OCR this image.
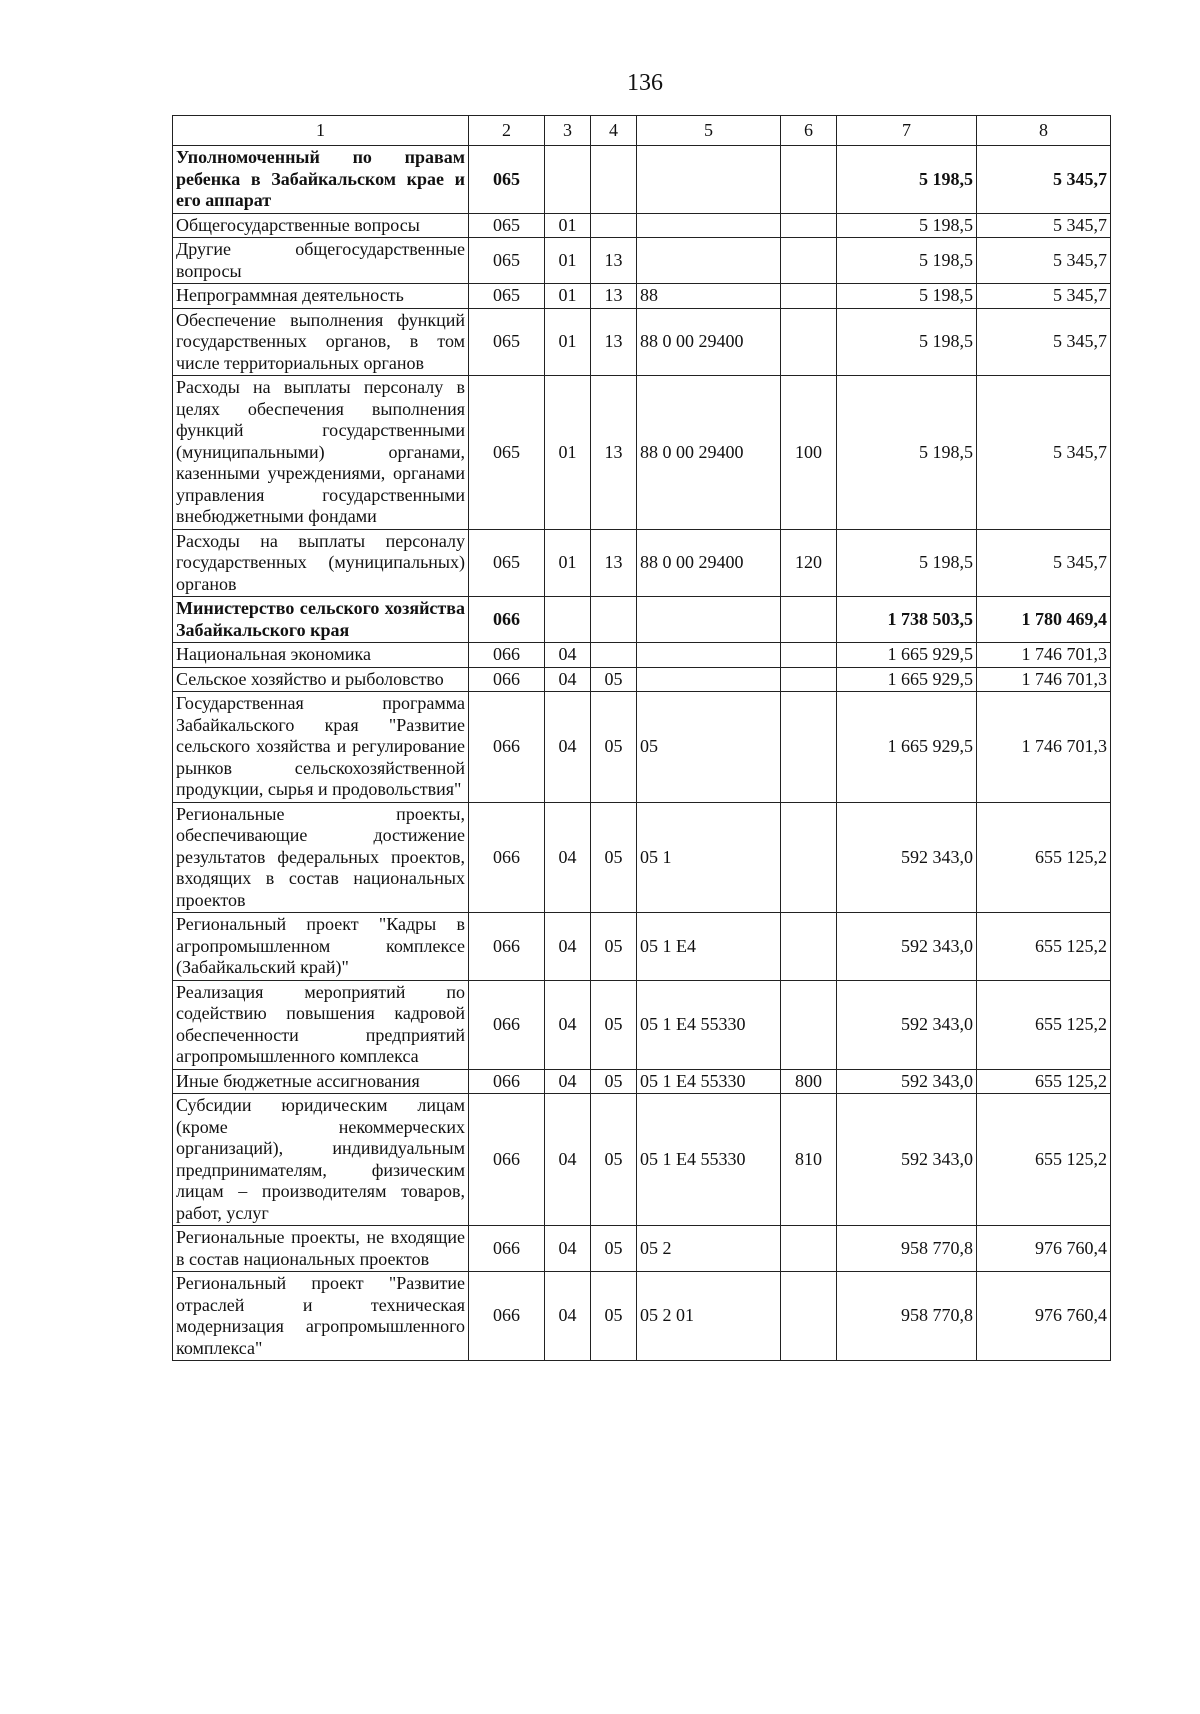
136
1	2	3	4	5	6	7	8
Уполномоченный по правам ребенка в Забайкальском крае и его аппарат	065					5 198,5	5 345,7
Общегосударственные вопросы	065	01				5 198,5	5 345,7
Другие общегосударственные вопросы	065	01	13			5 198,5	5 345,7
Непрограммная деятельность	065	01	13	88		5 198,5	5 345,7
Обеспечение выполнения функций государственных органов, в том числе территориальных органов	065	01	13	88 0 00 29400		5 198,5	5 345,7
Расходы на выплаты персоналу в целях обеспечения выполнения функций государственными (муниципальными) органами, казенными учреждениями, органами управления государственными внебюджетными фондами	065	01	13	88 0 00 29400	100	5 198,5	5 345,7
Расходы на выплаты персоналу государственных (муниципальных) органов	065	01	13	88 0 00 29400	120	5 198,5	5 345,7
Министерство сельского хозяйства Забайкальского края	066					1 738 503,5	1 780 469,4
Национальная экономика	066	04				1 665 929,5	1 746 701,3
Сельское хозяйство и рыболовство	066	04	05			1 665 929,5	1 746 701,3
Государственная программа Забайкальского края "Развитие сельского хозяйства и регулирование рынков сельскохозяйственной продукции, сырья и продовольствия"	066	04	05	05		1 665 929,5	1 746 701,3
Региональные проекты, обеспечивающие достижение результатов федеральных проектов, входящих в состав национальных проектов	066	04	05	05 1		592 343,0	655 125,2
Региональный проект "Кадры в агропромышленном комплексе (Забайкальский край)"	066	04	05	05 1 E4		592 343,0	655 125,2
Реализация мероприятий по содействию повышения кадровой обеспеченности предприятий агропромышленного комплекса	066	04	05	05 1 E4 55330		592 343,0	655 125,2
Иные бюджетные ассигнования	066	04	05	05 1 E4 55330	800	592 343,0	655 125,2
Субсидии юридическим лицам (кроме некоммерческих организаций), индивидуальным предпринимателям, физическим лицам – производителям товаров, работ, услуг	066	04	05	05 1 E4 55330	810	592 343,0	655 125,2
Региональные проекты, не входящие в состав национальных проектов	066	04	05	05 2		958 770,8	976 760,4
Региональный проект "Развитие отраслей и техническая модернизация агропромышленного комплекса"	066	04	05	05 2 01		958 770,8	976 760,4
